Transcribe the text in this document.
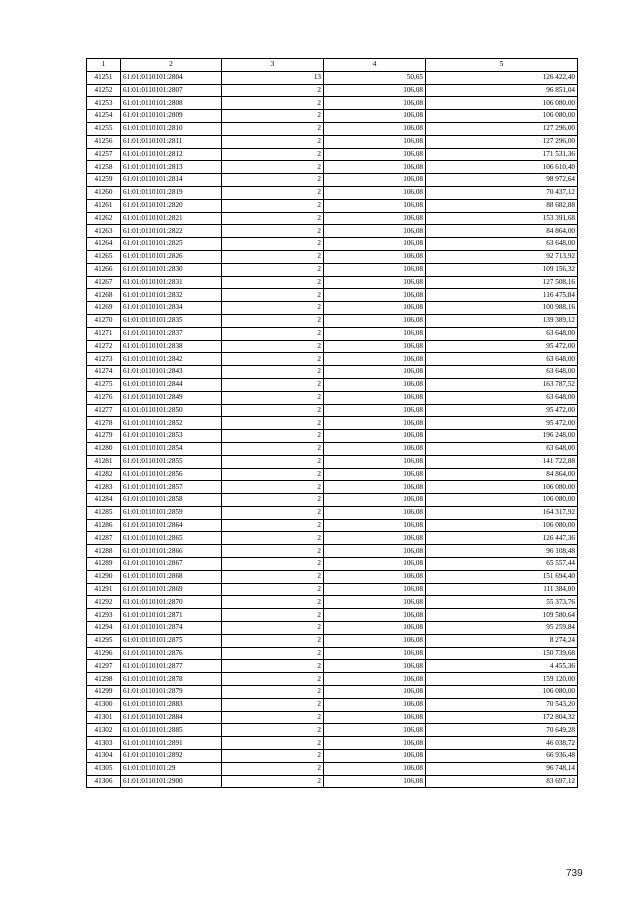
1	2	3	4	5
41251	61:01:0110101:2804	13	50,65	126 422,40
41252	61:01:0110101:2807	2	106,08	96 851,04
41253	61:01:0110101:2808	2	106,08	106 080,00
41254	61:01:0110101:2809	2	106,08	106 080,00
41255	61:01:0110101:2810	2	106,08	127 296,00
41256	61:01:0110101:2811	2	106,08	127 296,00
41257	61:01:0110101:2812	2	106,08	171 531,36
41258	61:01:0110101:2813	2	106,08	106 610,40
41259	61:01:0110101:2814	2	106,08	98 972,64
41260	61:01:0110101:2819	2	106,08	70 437,12
41261	61:01:0110101:2820	2	106,08	88 682,88
41262	61:01:0110101:2821	2	106,08	153 391,68
41263	61:01:0110101:2822	2	106,08	84 864,00
41264	61:01:0110101:2825	2	106,08	63 648,00
41265	61:01:0110101:2826	2	106,08	92 713,92
41266	61:01:0110101:2830	2	106,08	109 156,32
41267	61:01:0110101:2831	2	106,08	127 508,16
41268	61:01:0110101:2832	2	106,08	116 475,84
41269	61:01:0110101:2834	2	106,08	100 988,16
41270	61:01:0110101:2835	2	106,08	139 389,12
41271	61:01:0110101:2837	2	106,08	63 648,00
41272	61:01:0110101:2838	2	106,08	95 472,00
41273	61:01:0110101:2842	2	106,08	63 648,00
41274	61:01:0110101:2843	2	106,08	63 648,00
41275	61:01:0110101:2844	2	106,08	163 787,52
41276	61:01:0110101:2849	2	106,08	63 648,00
41277	61:01:0110101:2850	2	106,08	95 472,00
41278	61:01:0110101:2852	2	106,08	95 472,00
41279	61:01:0110101:2853	2	106,08	196 248,00
41280	61:01:0110101:2854	2	106,08	63 648,00
41281	61:01:0110101:2855	2	106,08	141 722,88
41282	61:01:0110101:2856	2	106,08	84 864,00
41283	61:01:0110101:2857	2	106,08	106 080,00
41284	61:01:0110101:2858	2	106,08	106 080,00
41285	61:01:0110101:2859	2	106,08	164 317,92
41286	61:01:0110101:2864	2	106,08	106 080,00
41287	61:01:0110101:2865	2	106,08	126 447,36
41288	61:01:0110101:2866	2	106,08	96 108,48
41289	61:01:0110101:2867	2	106,08	65 557,44
41290	61:01:0110101:2868	2	106,08	151 694,40
41291	61:01:0110101:2869	2	106,08	111 384,00
41292	61:01:0110101:2870	2	106,08	55 373,76
41293	61:01:0110101:2871	2	106,08	109 580,64
41294	61:01:0110101:2874	2	106,08	95 259,84
41295	61:01:0110101:2875	2	106,08	8 274,24
41296	61:01:0110101:2876	2	106,08	150 739,68
41297	61:01:0110101:2877	2	106,08	4 455,36
41298	61:01:0110101:2878	2	106,08	159 120,00
41299	61:01:0110101:2879	2	106,08	106 080,00
41300	61:01:0110101:2883	2	106,08	70 543,20
41301	61:01:0110101:2884	2	106,08	172 804,32
41302	61:01:0110101:2885	2	106,08	70 649,28
41303	61:01:0110101:2891	2	106,08	46 038,72
41304	61:01:0110101:2892	2	106,08	66 936,48
41305	61:01:0110101:29	2	106,08	96 748,14
41306	61:01:0110101:2900	2	106,08	83 697,12
739
